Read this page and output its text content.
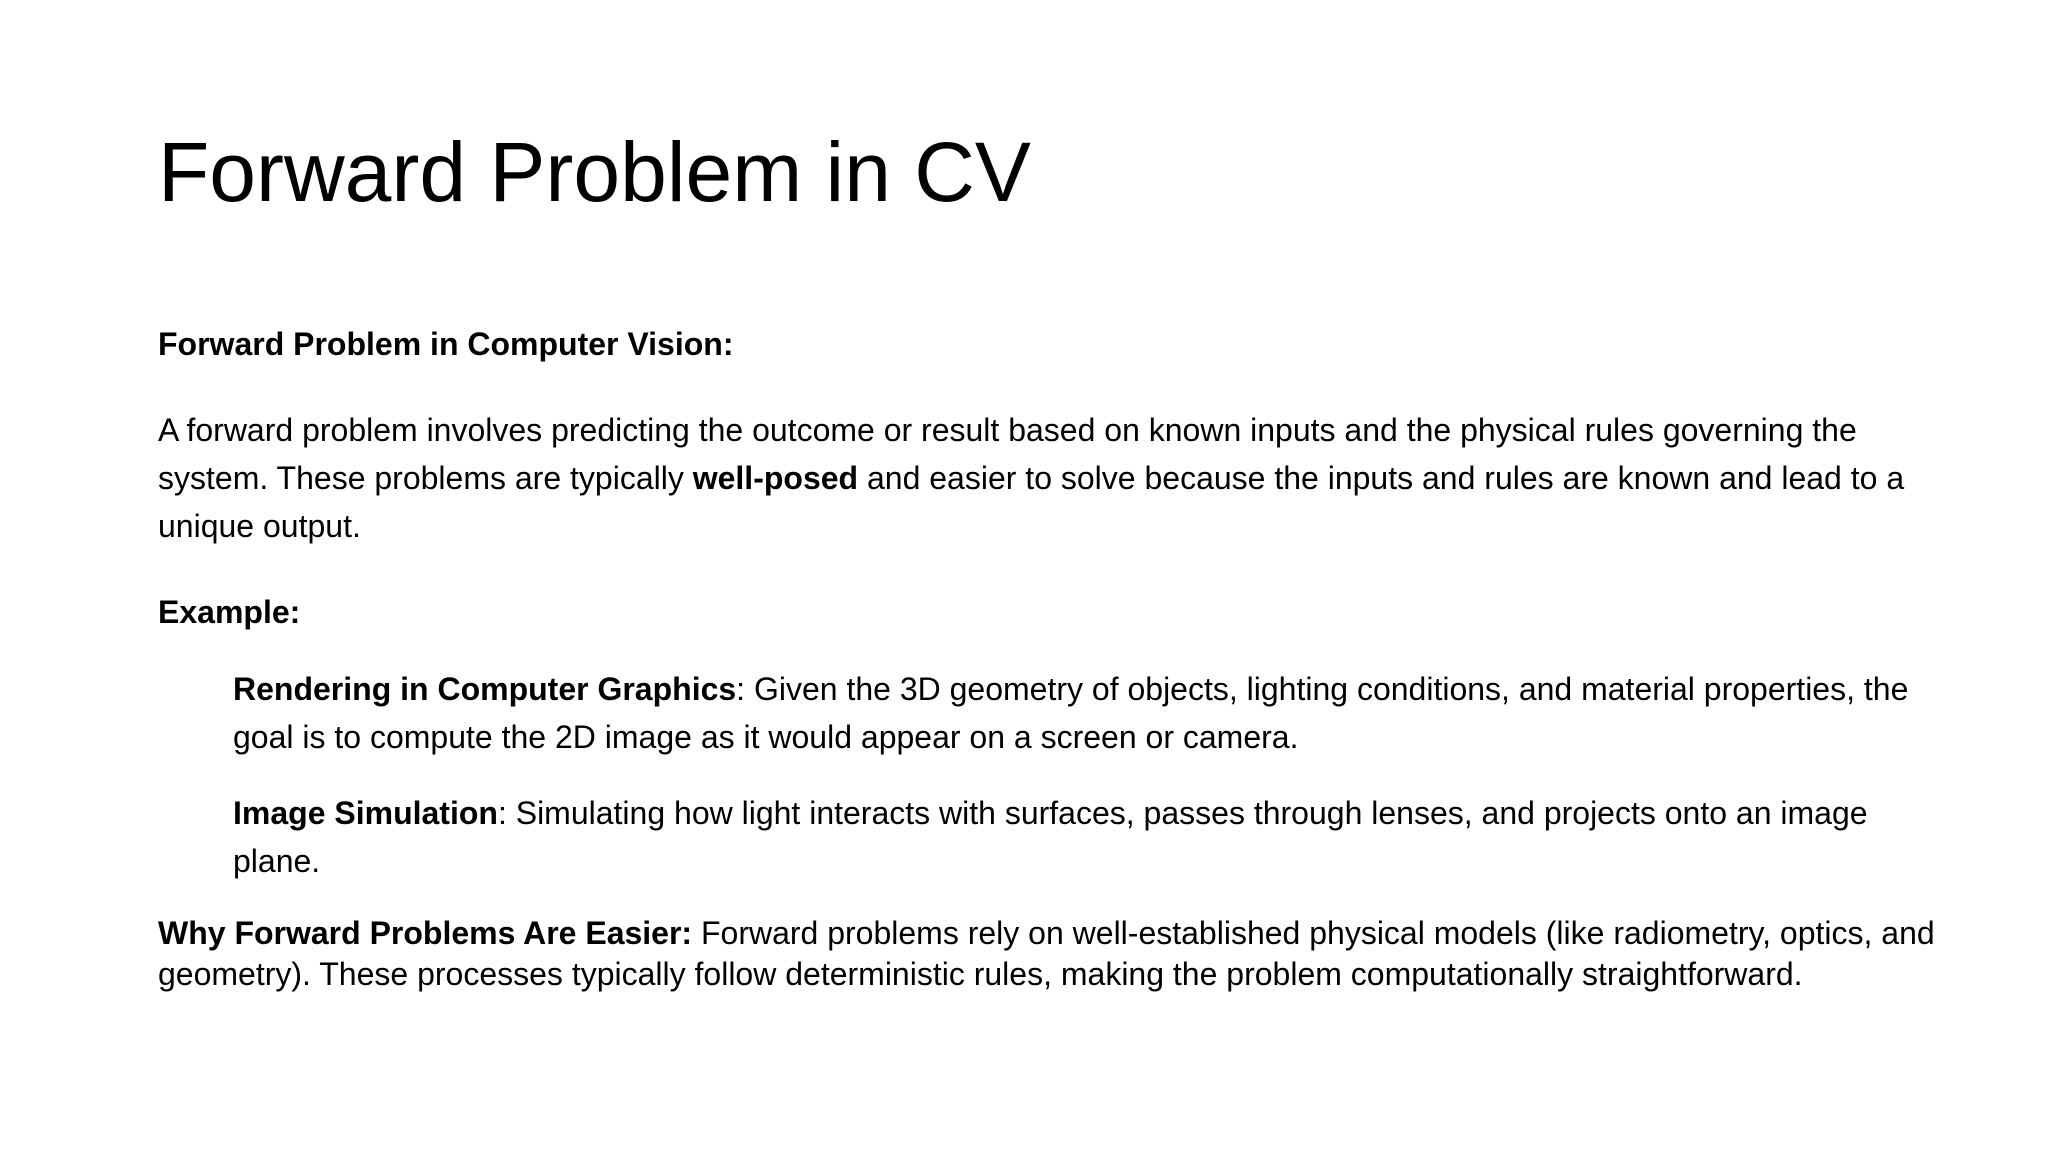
Forward Problem in CV

Forward Problem in Computer Vision:

A forward problem involves predicting the outcome or result based on known inputs and the physical rules governing the system. These problems are typically well-posed and easier to solve because the inputs and rules are known and lead to a unique output.

Example:

Rendering in Computer Graphics: Given the 3D geometry of objects, lighting conditions, and material properties, the goal is to compute the 2D image as it would appear on a screen or camera.

Image Simulation: Simulating how light interacts with surfaces, passes through lenses, and projects onto an image plane.

Why Forward Problems Are Easier: Forward problems rely on well-established physical models (like radiometry, optics, and geometry). These processes typically follow deterministic rules, making the problem computationally straightforward.
